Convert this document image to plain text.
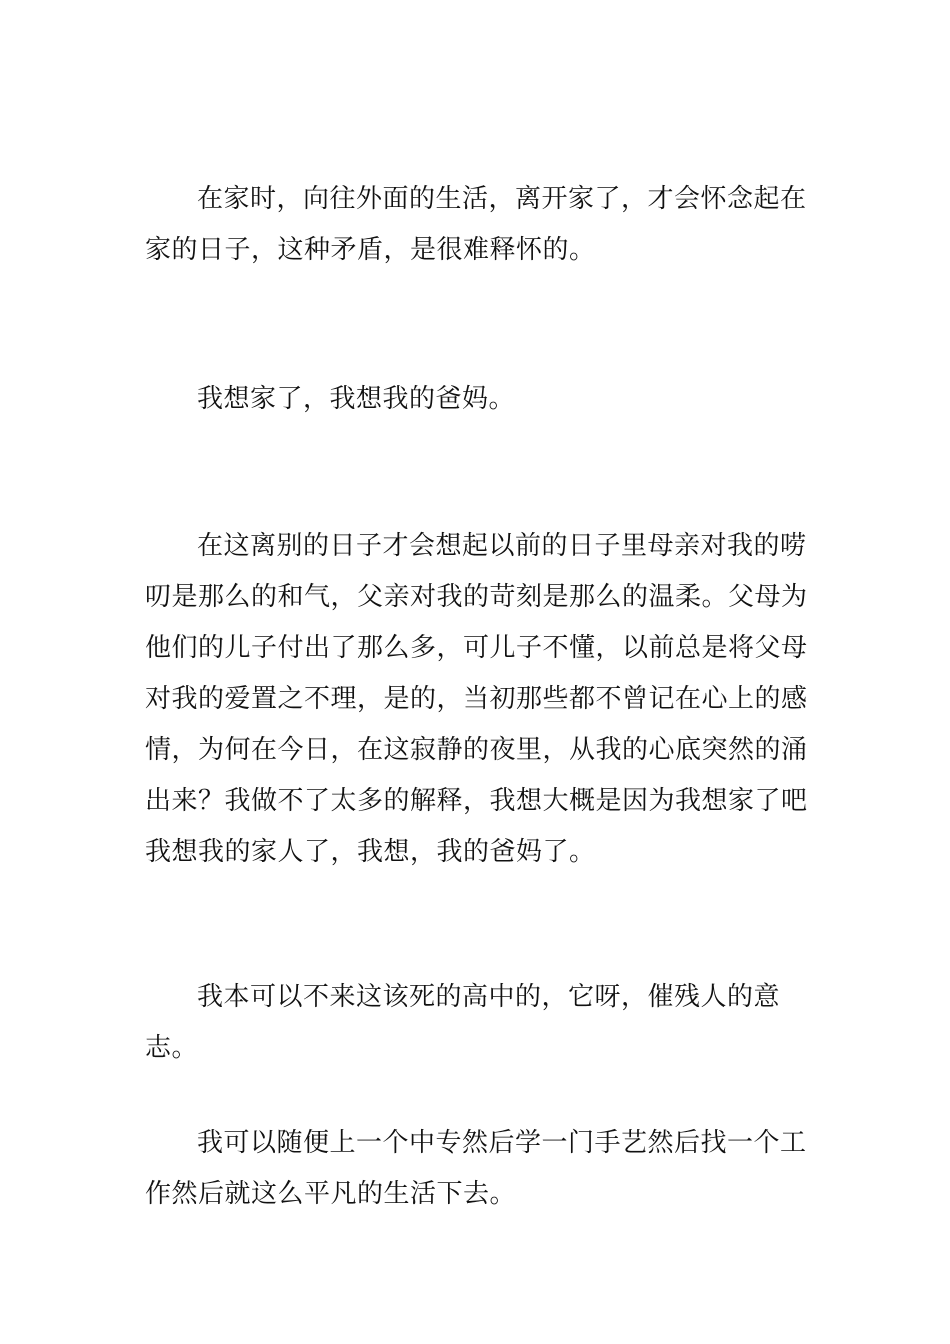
在家时，向往外面的生活，离开家了，才会怀念起在家的日子，这种矛盾，是很难释怀的。

我想家了，我想我的爸妈。

在这离别的日子才会想起以前的日子里母亲对我的唠叨是那么的和气，父亲对我的苛刻是那么的温柔。父母为他们的儿子付出了那么多，可儿子不懂，以前总是将父母对我的爱置之不理，是的，当初那些都不曾记在心上的感情，为何在今日，在这寂静的夜里，从我的心底突然的涌出来？我做不了太多的解释，我想大概是因为我想家了吧我想我的家人了，我想，我的爸妈了。

我本可以不来这该死的高中的，它呀，催残人的意志。

我可以随便上一个中专然后学一门手艺然后找一个工作然后就这么平凡的生活下去。
